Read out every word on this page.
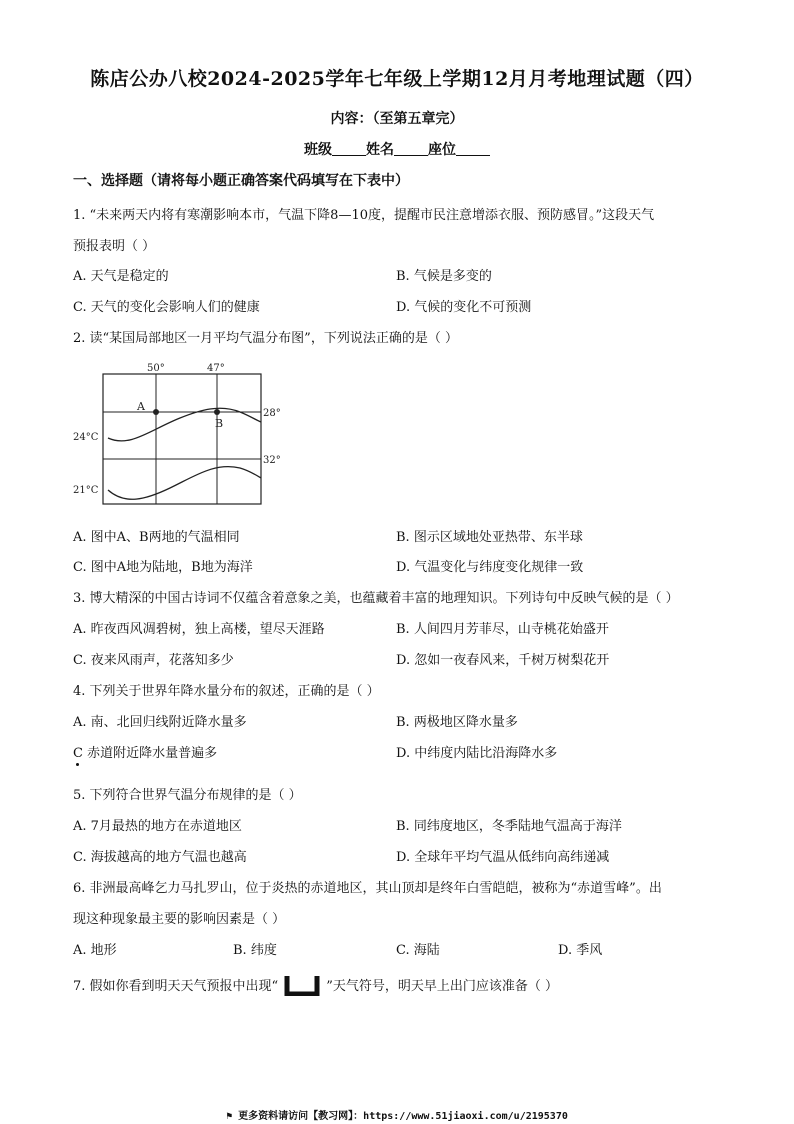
陈店公办八校2024-2025学年七年级上学期12月月考地理试题（四）
内容：（至第五章完）
班级 姓名 座位
一、选择题（请将每小题正确答案代码填写在下表中）
1. “未来两天内将有寒潮影响本市，气温下降8—10度，提醒市民注意增添衣服、预防感冒。”这段天气
预报表明（ ）
A. 天气是稳定的	B. 气候是多变的
C. 天气的变化会影响人们的健康	D. 气候的变化不可预测
2. 读“某国局部地区一月平均气温分布图”，下列说法正确的是（ ）
A
B
50°	47°
28°
32°
24°C
21°C
A. 图中A、B两地的气温相同	B. 图示区域地处亚热带、东半球
C. 图中A地为陆地，B地为海洋	D. 气温变化与纬度变化规律一致
3. 博大精深的中国古诗词不仅蕴含着意象之美，也蕴藏着丰富的地理知识。下列诗句中反映气候的是（ ）
A. 昨夜西风凋碧树，独上高楼，望尽天涯路	B. 人间四月芳菲尽，山寺桃花始盛开
C. 夜来风雨声，花落知多少	D. 忽如一夜春风来，千树万树梨花开
4. 下列关于世界年降水量分布的叙述，正确的是（ ）
A. 南、北回归线附近降水量多	B. 两极地区降水量多
C 赤道附近降水量普遍多	D. 中纬度内陆比沿海降水多
5. 下列符合世界气温分布规律的是（ ）
A. 7月最热的地方在赤道地区	B. 同纬度地区，冬季陆地气温高于海洋
C. 海拔越高的地方气温也越高	D. 全球年平均气温从低纬向高纬递减
6. 非洲最高峰乞力马扎罗山，位于炎热的赤道地区，其山顶却是终年白雪皑皑，被称为“赤道雪峰”。出
现这种现象最主要的影响因素是（ ）
A. 地形	B. 纬度	C. 海陆	D. 季风
7. 假如你看到明天天气预报中出现“	”天气符号，明天早上出门应该准备（ ）
⚑ 更多资料请访问【教习网】：https://www.51jiaoxi.com/u/2195370
